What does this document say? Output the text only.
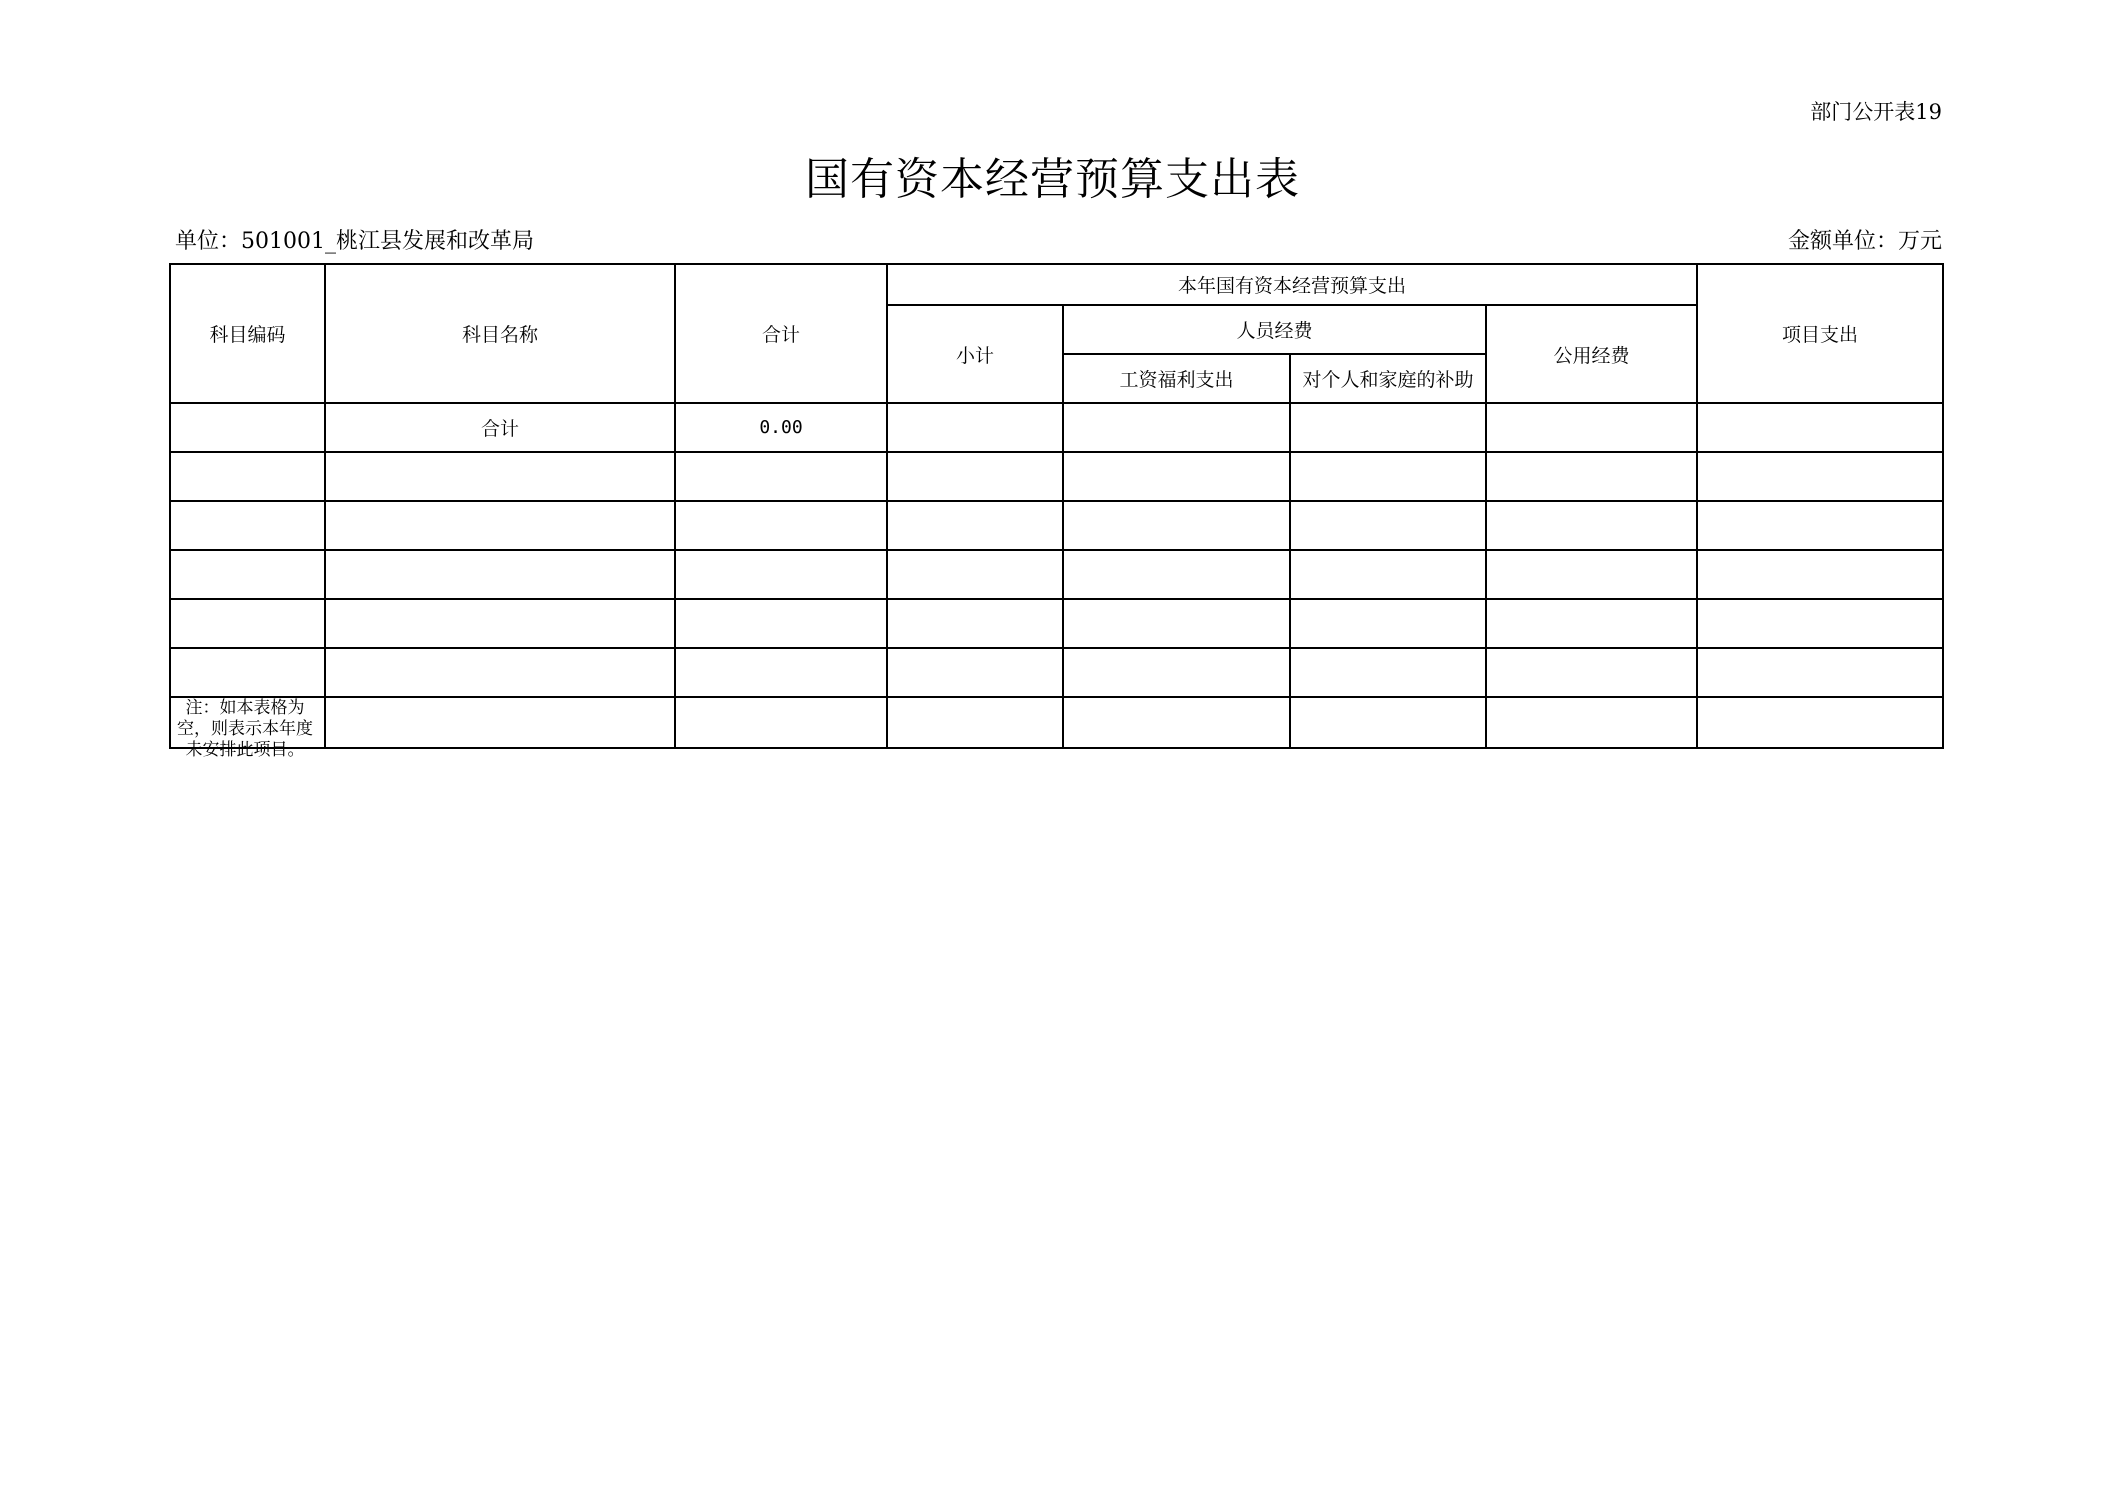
部门公开表19
国有资本经营预算支出表
单位：501001_桃江县发展和改革局	金额单位：万元
科目编码	科目名称	合计	本年国有资本经营预算支出				项目支出
			小计	人员经费		公用经费	
				工资福利支出	对个人和家庭的补助		
	合计	0.00					

注：如本表格为空，则表示本年度未安排此项目。							
